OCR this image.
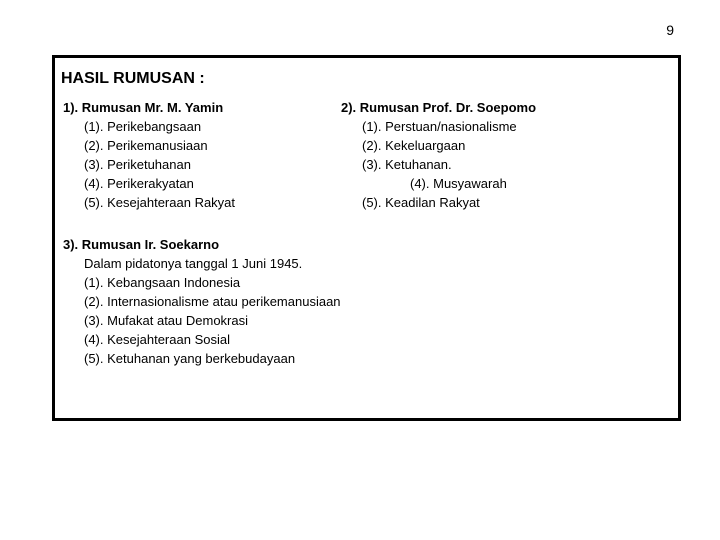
9
HASIL RUMUSAN :
1). Rumusan Mr. M. Yamin
(1). Perikebangsaan
(2). Perikemanusiaan
(3). Periketuhanan
(4). Perikerakyatan
(5). Kesejahteraan Rakyat
2). Rumusan Prof. Dr. Soepomo
(1). Perstuan/nasionalisme
(2). Kekeluargaan
(3). Ketuhanan.
(4). Musyawarah
(5). Keadilan Rakyat
3). Rumusan Ir. Soekarno
Dalam pidatonya tanggal 1 Juni 1945.
(1). Kebangsaan Indonesia
(2). Internasionalisme atau perikemanusiaan
(3). Mufakat atau Demokrasi
(4). Kesejahteraan Sosial
(5). Ketuhanan yang berkebudayaan
